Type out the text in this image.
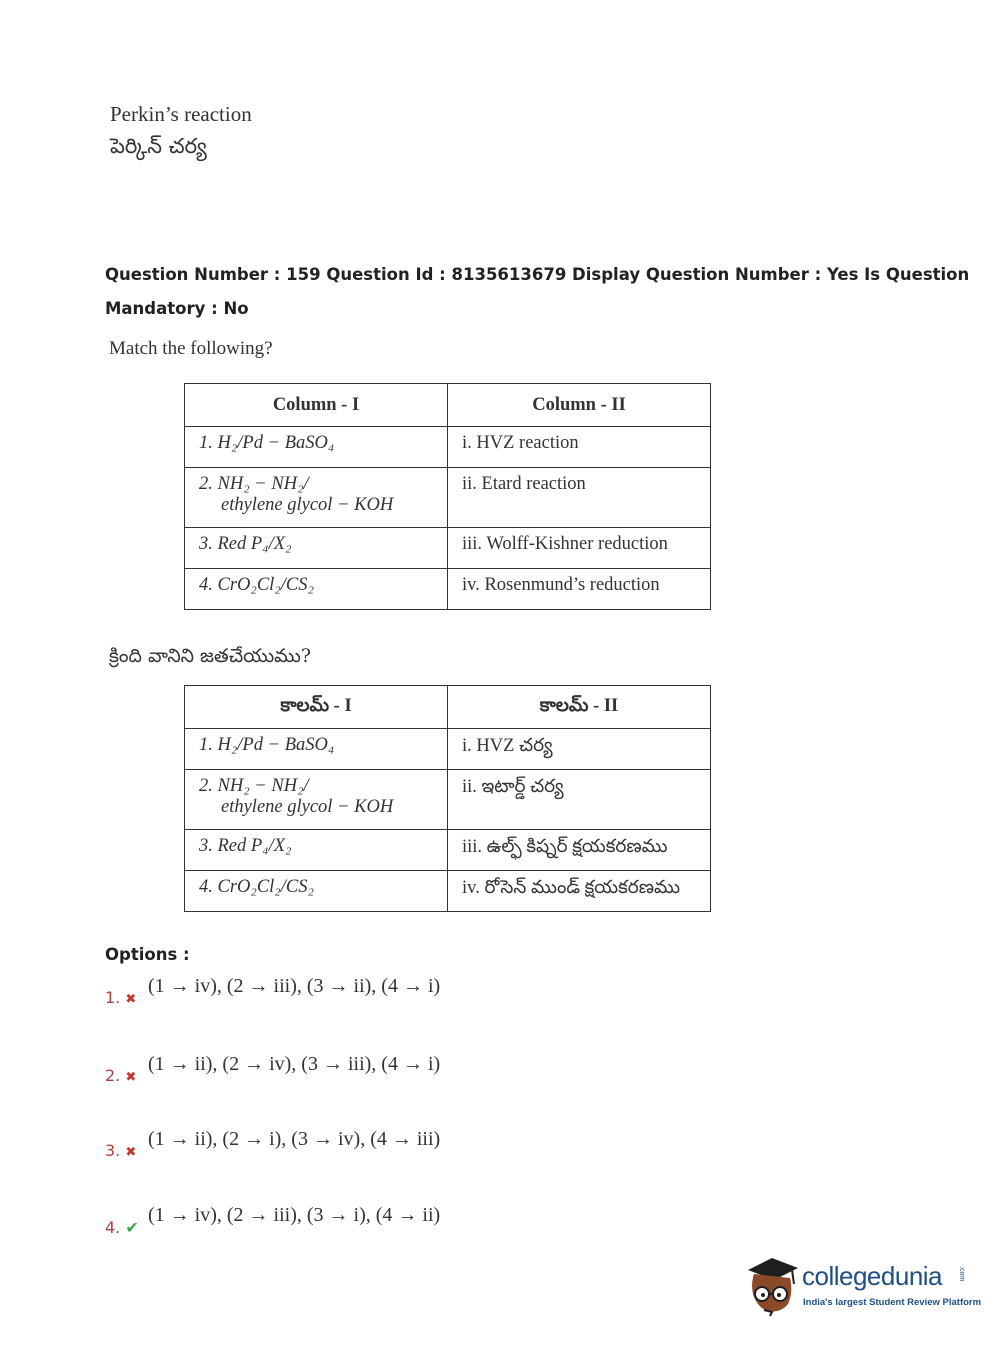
Perkin’s reaction
పెర్కిన్ చర్య
Question Number : 159 Question Id : 8135613679 Display Question Number : Yes Is Question
Mandatory : No
Match the following?
Column - I	Column - II
1. H₂/Pd − BaSO₄	i. HVZ reaction
2. NH₂ − NH₂/
ethylene glycol − KOH	ii. Etard reaction
3. Red P₄/X₂	iii. Wolff-Kishner reduction
4. CrO₂Cl₂/CS₂	iv. Rosenmund’s reduction
క్రింది వానిని జతచేయుము?
కాలమ్ - I	కాలమ్ - II
1. H₂/Pd − BaSO₄	i. HVZ చర్య
2. NH₂ − NH₂/
ethylene glycol − KOH	ii. ఇటార్డ్ చర్య
3. Red P₄/X₂	iii. ఉల్ఫ్ కిష్నర్ క్షయకరణము
4. CrO₂Cl₂/CS₂	iv. రోసెన్ ముండ్ క్షయకరణము
Options :
1. ✖
(1 → iv), (2 → iii), (3 → ii), (4 → i)
2. ✖
(1 → ii), (2 → iv), (3 → iii), (4 → i)
3. ✖
(1 → ii), (2 → i), (3 → iv), (4 → iii)
4. ✔
(1 → iv), (2 → iii), (3 → i), (4 → ii)
collegedunia .com
India's largest Student Review Platform
